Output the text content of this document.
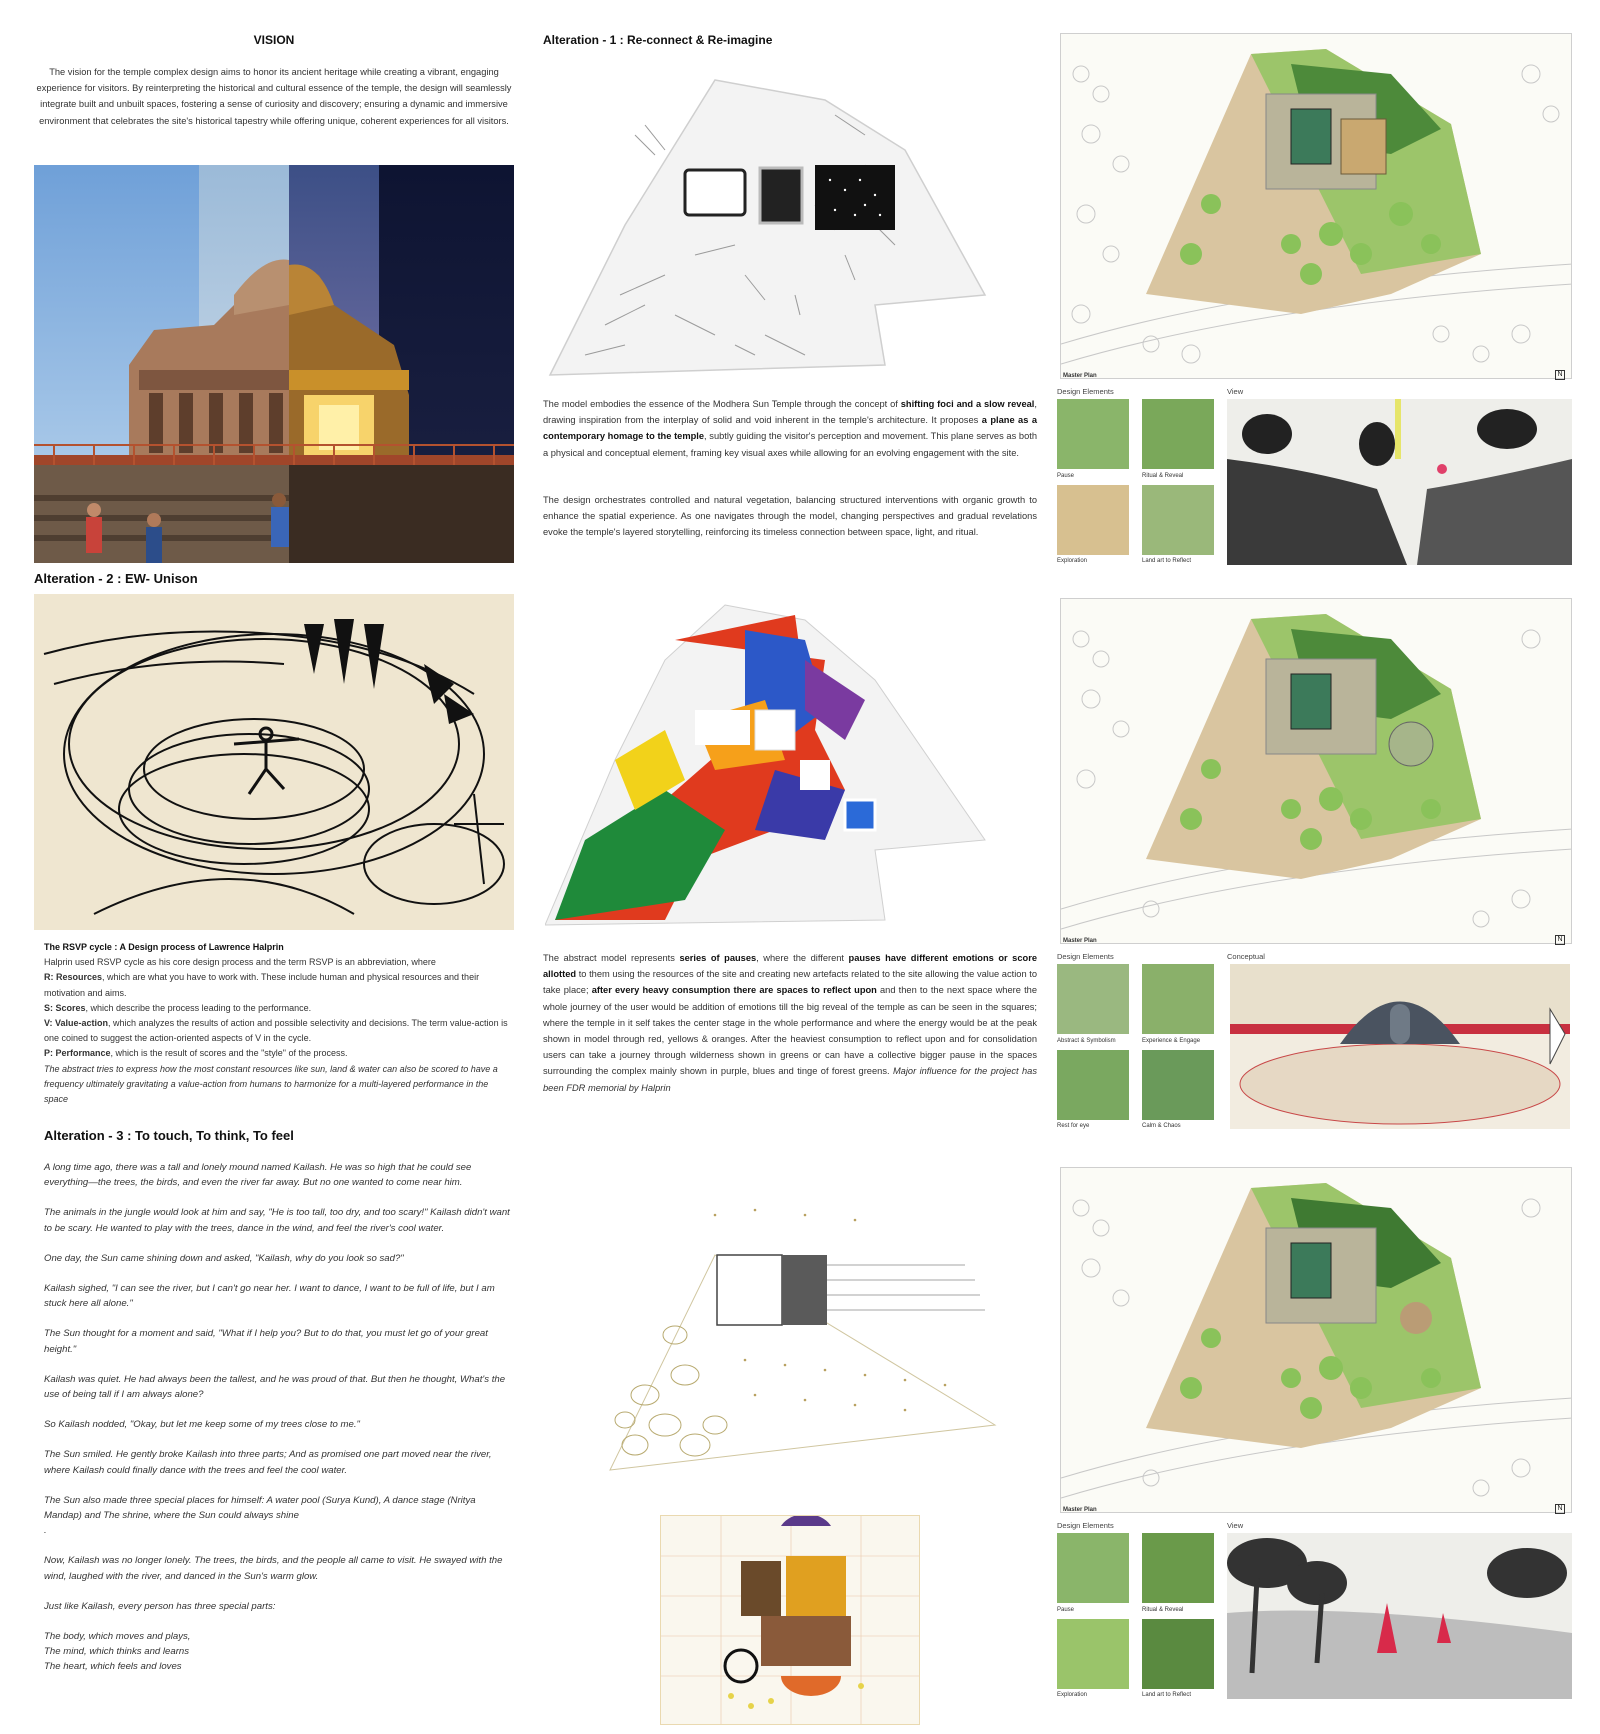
VISION
The vision for the temple complex design aims to honor its ancient heritage while creating a vibrant, engaging experience for visitors. By reinterpreting the historical and cultural essence of the temple, the design will seamlessly integrate built and unbuilt spaces, fostering a sense of curiosity and discovery; ensuring a dynamic and immersive environment that celebrates the site's historical tapestry while offering unique, coherent experiences for all visitors.
Alteration - 2 : EW- Unison

The RSVP cycle : A Design process of Lawrence Halprin

Halprin used RSVP cycle as his core design process and the term RSVP is an abbreviation, where

R: Resources, which are what you have to work with. These include human and physical resources and their motivation and aims.

S: Scores, which describe the process leading to the performance.

V: Value-action, which analyzes the results of action and possible selectivity and decisions. The term value-action is one coined to suggest the action-oriented aspects of V in the cycle.

P: Performance, which is the result of scores and the "style" of the process.

The abstract tries to express how the most constant resources like sun, land & water can also be scored to have a frequency ultimately gravitating a value-action from humans to harmonize for a multi-layered performance in the space

Alteration - 3 : To touch, To think, To feel

A long time ago, there was a tall and lonely mound named Kailash. He was so high that he could see everything—the trees, the birds, and even the river far away. But no one wanted to come near him.

The animals in the jungle would look at him and say, "He is too tall, too dry, and too scary!" Kailash didn't want to be scary. He wanted to play with the trees, dance in the wind, and feel the river's cool water.

One day, the Sun came shining down and asked, "Kailash, why do you look so sad?"

Kailash sighed, "I can see the river, but I can't go near her. I want to dance, I want to be full of life, but I am stuck here all alone."

The Sun thought for a moment and said, "What if I help you? But to do that, you must let go of your great height."

Kailash was quiet. He had always been the tallest, and he was proud of that. But then he thought, What's the use of being tall if I am always alone?

So Kailash nodded, "Okay, but let me keep some of my trees close to me."

The Sun smiled. He gently broke Kailash into three parts; And as promised one part moved near the river, where Kailash could finally dance with the trees and feel the cool water.

The Sun also made three special places for himself: A water pool (Surya Kund), A dance stage (Nritya Mandap) and The shrine, where the Sun could always shine
.

Now, Kailash was no longer lonely. The trees, the birds, and the people all came to visit. He swayed with the wind, laughed with the river, and danced in the Sun's warm glow.

Just like Kailash, every person has three special parts:

The body, which moves and plays,
The mind, which thinks and learns
The heart, which feels and loves

Alteration - 1 : Re-connect & Re-imagine
The model embodies the essence of the Modhera Sun Temple through the concept of shifting foci and a slow reveal, drawing inspiration from the interplay of solid and void inherent in the temple's architecture. It proposes a plane as a contemporary homage to the temple, subtly guiding the visitor's perception and movement. This plane serves as both a physical and conceptual element, framing key visual axes while allowing for an evolving engagement with the site.
The design orchestrates controlled and natural vegetation, balancing structured interventions with organic growth to enhance the spatial experience. As one navigates through the model, changing perspectives and gradual revelations evoke the temple's layered storytelling, reinforcing its timeless connection between space, light, and ritual.
The abstract model represents series of pauses, where the different pauses have different emotions or score allotted to them using the resources of the site and creating new artefacts related to the site allowing the value action to take place; after every heavy consumption there are spaces to reflect upon and then to the next space where the whole journey of the user would be addition of emotions till the big reveal of the temple as can be seen in the squares; where the temple in it self takes the center stage in the whole performance and where the energy would be at the peak shown in model through red, yellows & oranges. After the heaviest consumption to reflect upon and for consolidation users can take a journey through wilderness shown in greens or can have a collective bigger pause in the spaces surrounding the complex mainly shown in purple, blues and tinge of forest greens. Major influence for the project has been FDR memorial by Halprin
Master Plan	N
Design Elements	View
Pause	Ritual & Reveal
Exploration	Land art to Reflect
Master Plan	N
Design Elements	Conceptual
Abstract & Symbolism	Experience & Engage
Rest for eye	Calm & Chaos
Master Plan	N
Design Elements	View
Pause	Ritual & Reveal
Exploration	Land art to Reflect
